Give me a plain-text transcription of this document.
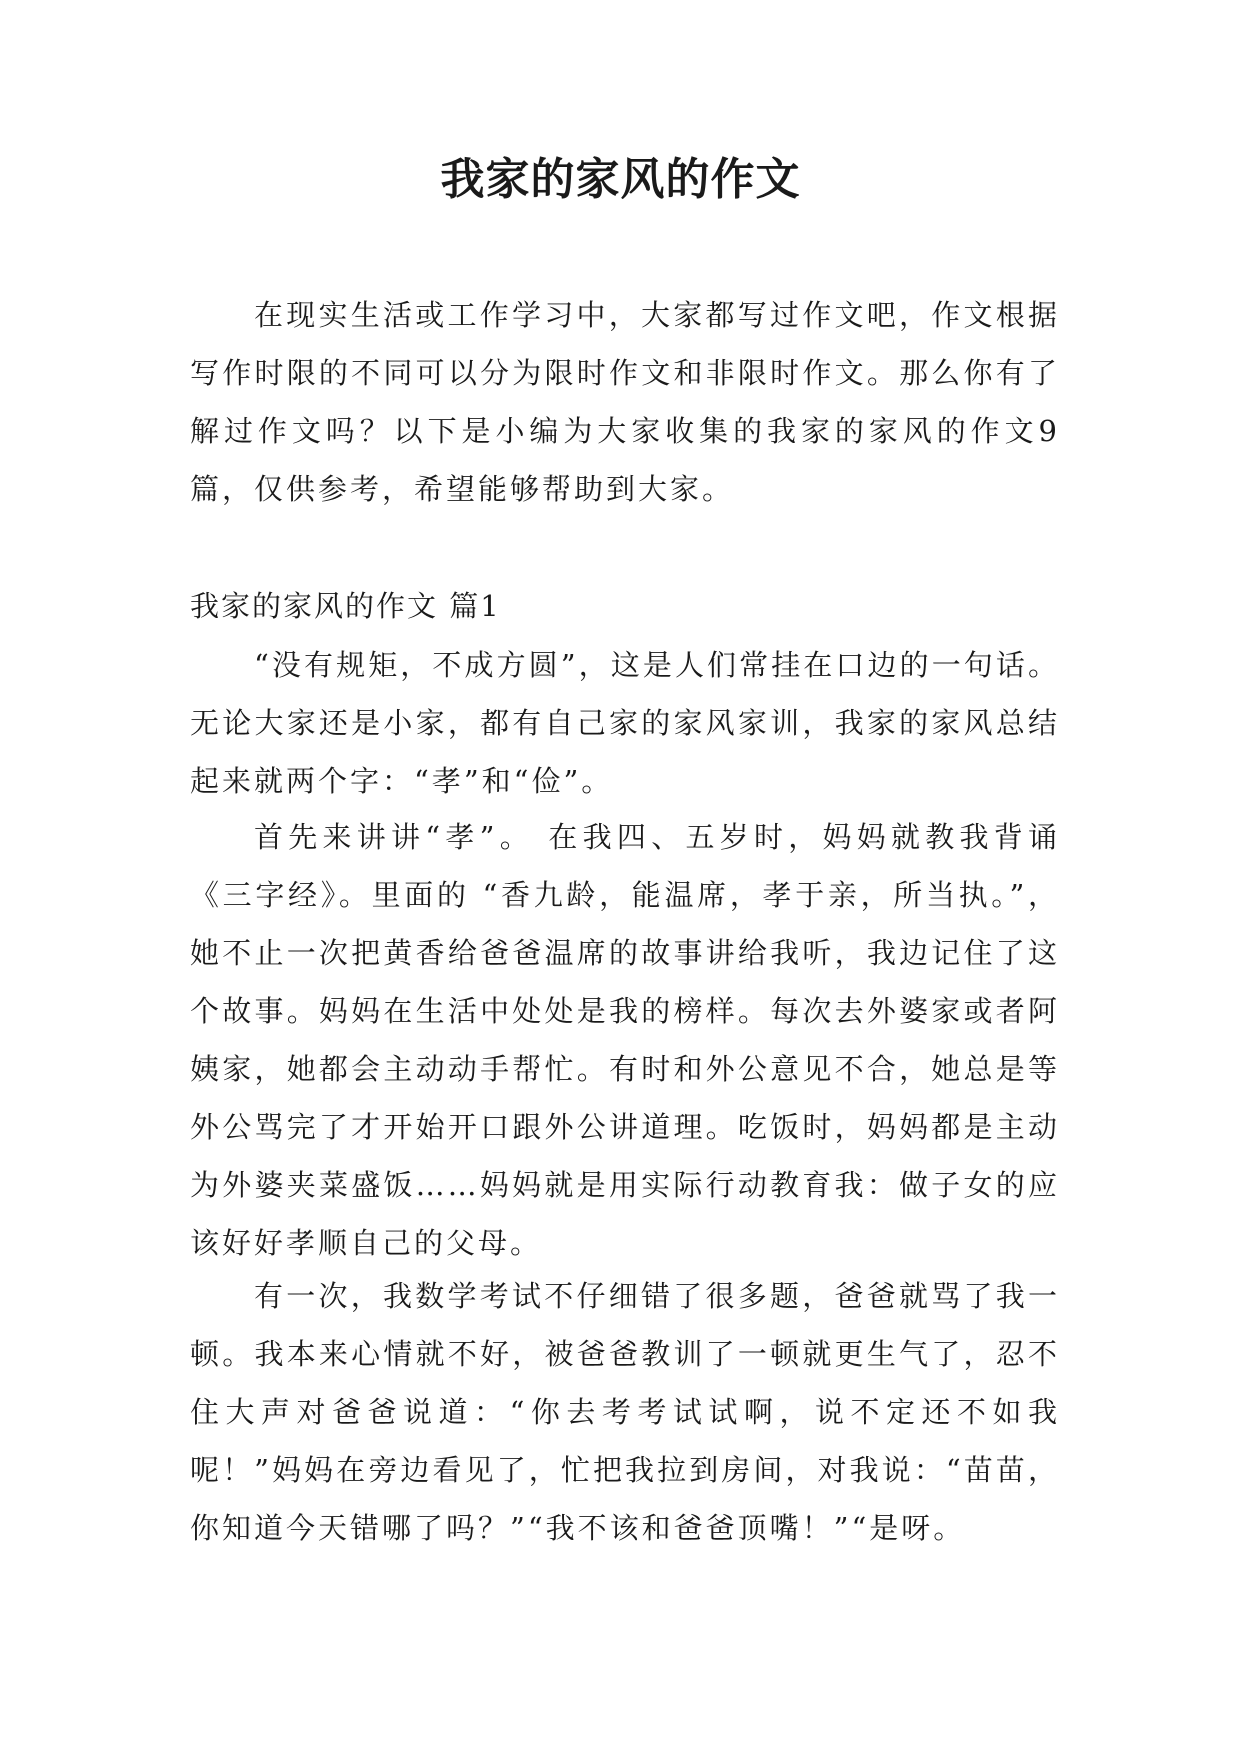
我家的家风的作文

在现实生活或工作学习中，大家都写过作文吧，作文根据写作时限的不同可以分为限时作文和非限时作文。那么你有了解过作文吗？以下是小编为大家收集的我家的家风的作文9篇，仅供参考，希望能够帮助到大家。

我家的家风的作文 篇1

“没有规矩，不成方圆”，这是人们常挂在口边的一句话。无论大家还是小家，都有自己家的家风家训，我家的家风总结起来就两个字：“孝”和“俭”。

首先来讲讲“孝”。 在我四、五岁时，妈妈就教我背诵《三字经》。里面的 “香九龄，能温席，孝于亲，所当执。”，她不止一次把黄香给爸爸温席的故事讲给我听，我边记住了这个故事。妈妈在生活中处处是我的榜样。每次去外婆家或者阿姨家，她都会主动动手帮忙。有时和外公意见不合，她总是等外公骂完了才开始开口跟外公讲道理。吃饭时，妈妈都是主动为外婆夹菜盛饭……妈妈就是用实际行动教育我：做子女的应该好好孝顺自己的父母。

有一次，我数学考试不仔细错了很多题，爸爸就骂了我一顿。我本来心情就不好，被爸爸教训了一顿就更生气了，忍不住大声对爸爸说道：“你去考考试试啊，说不定还不如我呢！”妈妈在旁边看见了，忙把我拉到房间，对我说：“苗苗，你知道今天错哪了吗？”“我不该和爸爸顶嘴！”“是呀。
